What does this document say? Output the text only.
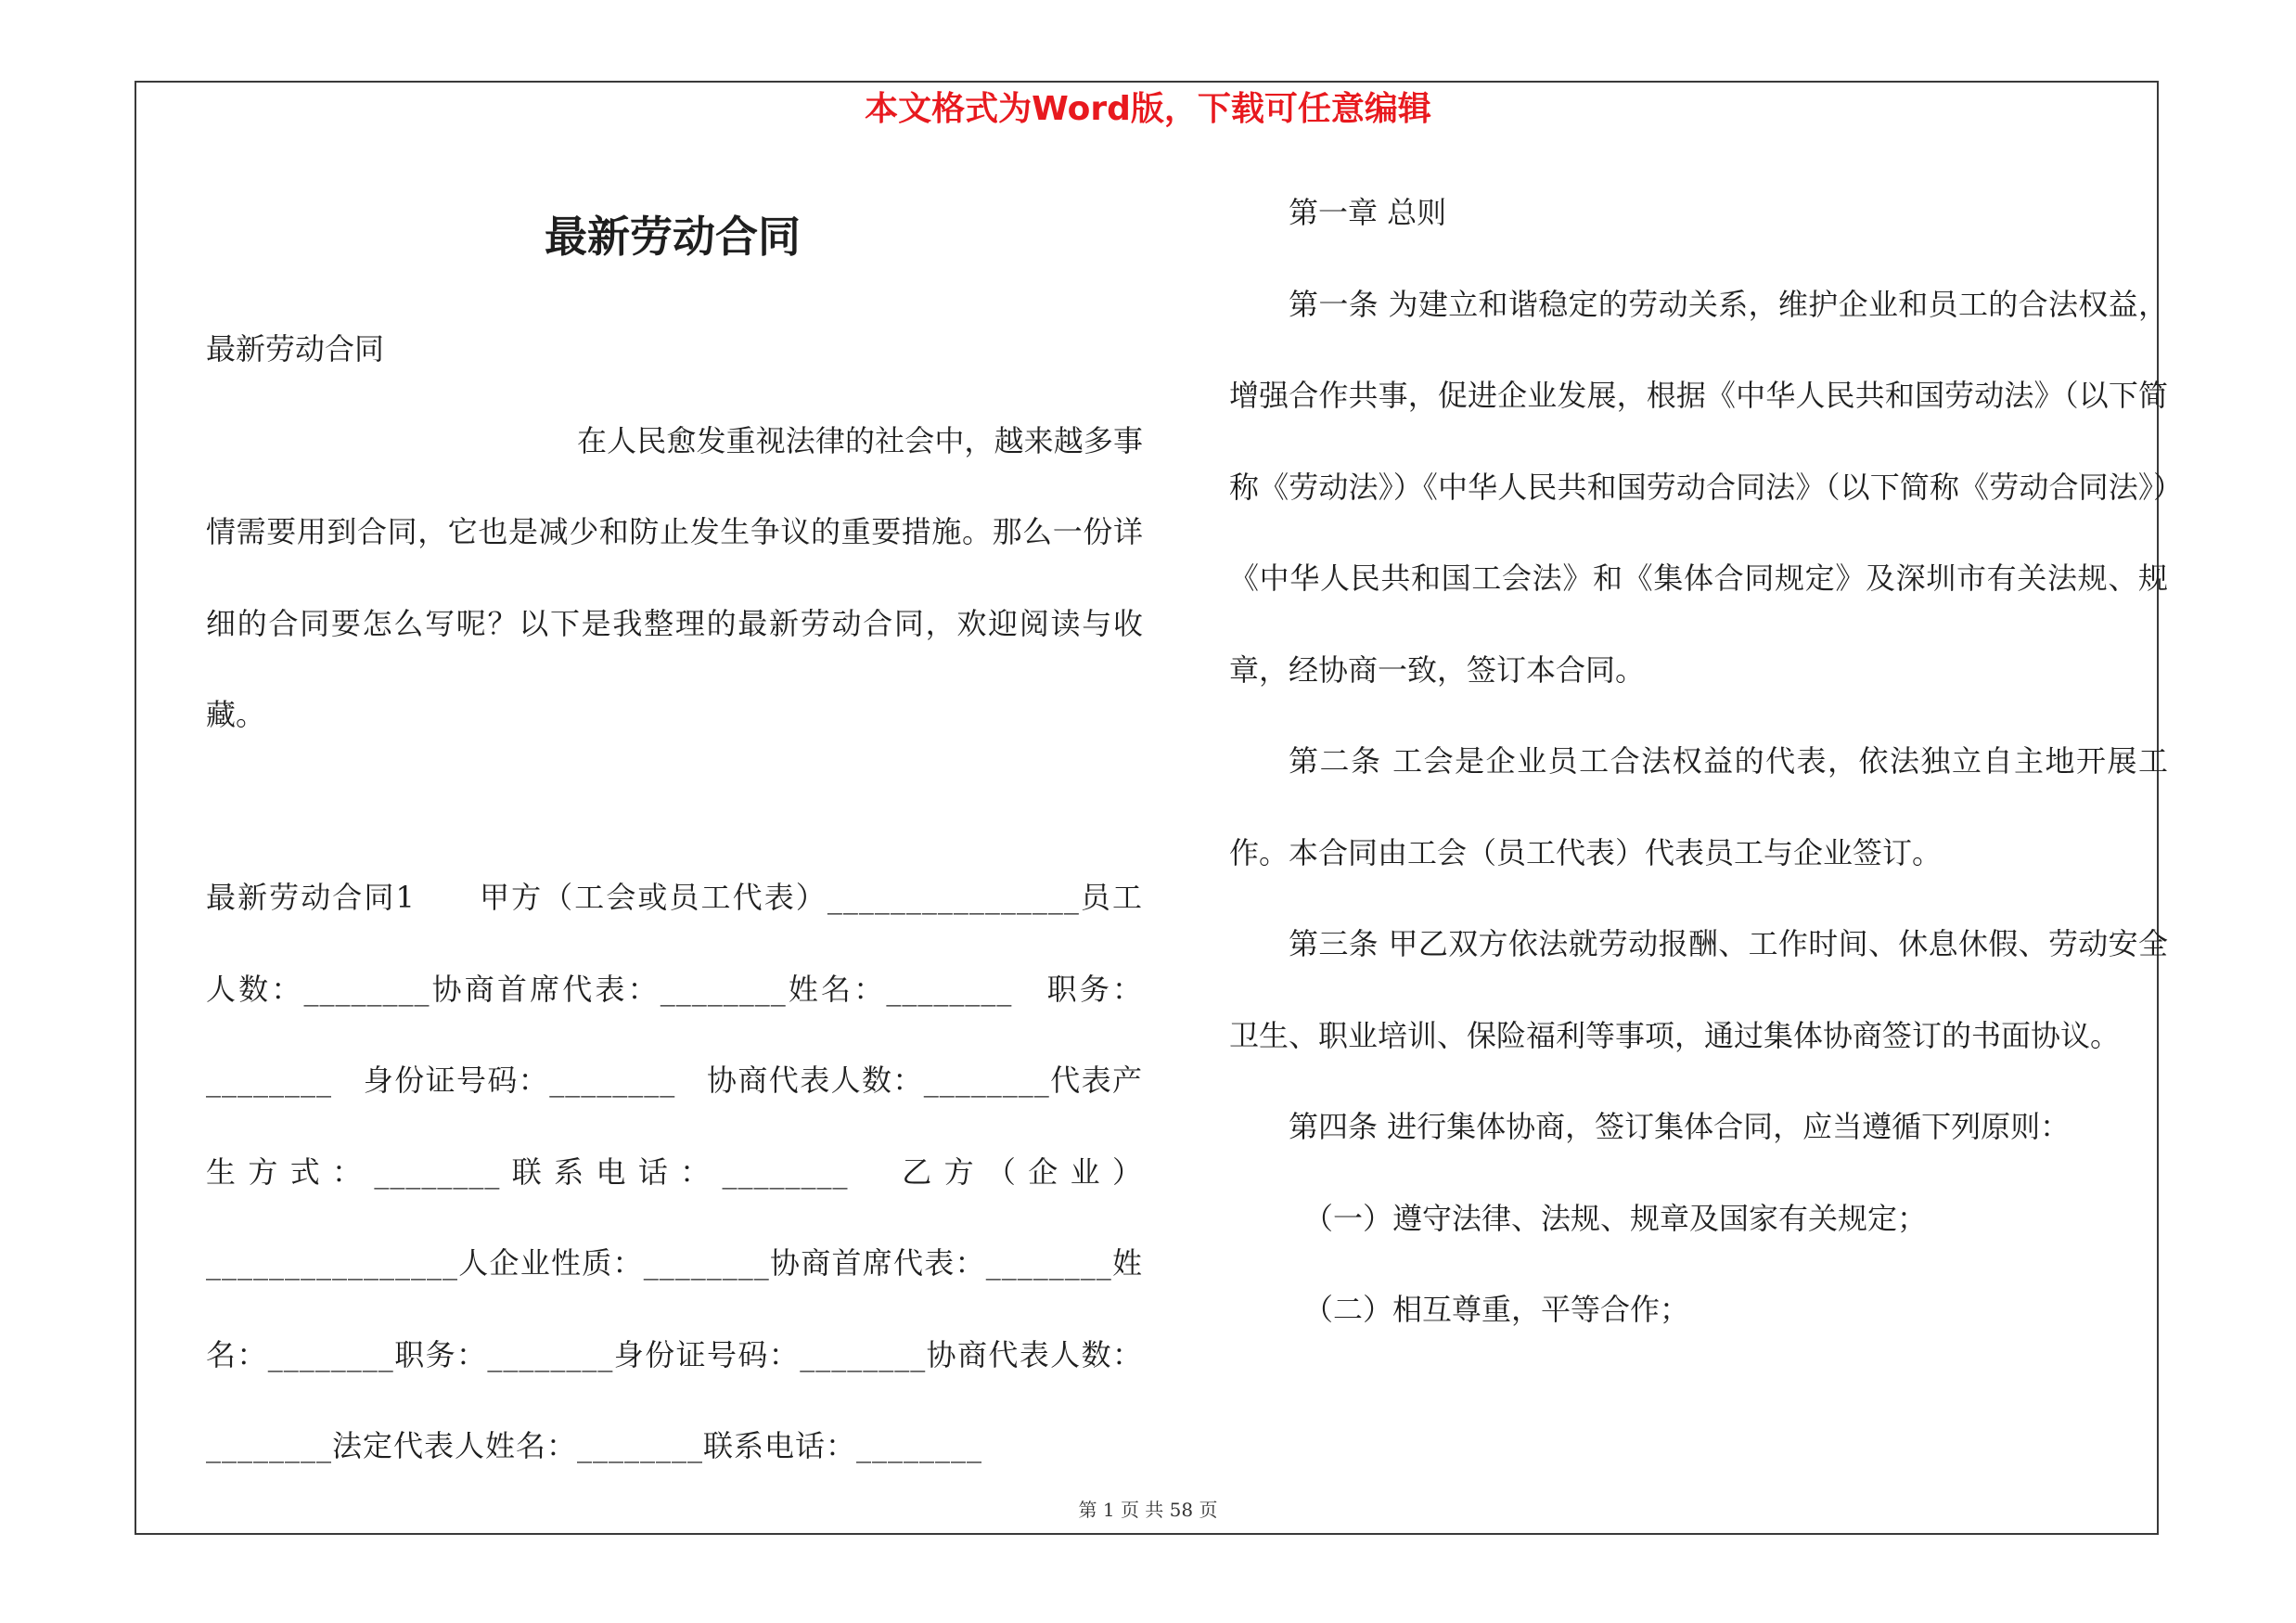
本文格式为Word版，下载可任意编辑
最新劳动合同

最新劳动合同

在人民愈发重视法律的社会中，越来越多事情需要用到合同，它也是减少和防止发生争议的重要措施。那么一份详细的合同要怎么写呢？以下是我整理的最新劳动合同，欢迎阅读与收藏。

最新劳动合同1　　甲方（工会或员工代表）________________员工人数：________协商首席代表：________姓名：________　职务：________　身份证号码：________　协商代表人数：________代表产生方式：________联系电话：________　乙方（企业）________________人企业性质：________协商首席代表：________姓名：________职务：________身份证号码：________协商代表人数：________法定代表人姓名：________联系电话：________

第一章 总则

第一条 为建立和谐稳定的劳动关系，维护企业和员工的合法权益，增强合作共事，促进企业发展，根据《中华人民共和国劳动法》（以下简称《劳动法》）《中华人民共和国劳动合同法》（以下简称《劳动合同法》）《中华人民共和国工会法》和《集体合同规定》及深圳市有关法规、规章，经协商一致，签订本合同。

第二条 工会是企业员工合法权益的代表，依法独立自主地开展工作。本合同由工会（员工代表）代表员工与企业签订。

第三条 甲乙双方依法就劳动报酬、工作时间、休息休假、劳动安全卫生、职业培训、保险福利等事项，通过集体协商签订的书面协议。

第四条 进行集体协商，签订集体合同，应当遵循下列原则：

（一）遵守法律、法规、规章及国家有关规定；

（二）相互尊重，平等合作；

第 1 页 共 58 页
